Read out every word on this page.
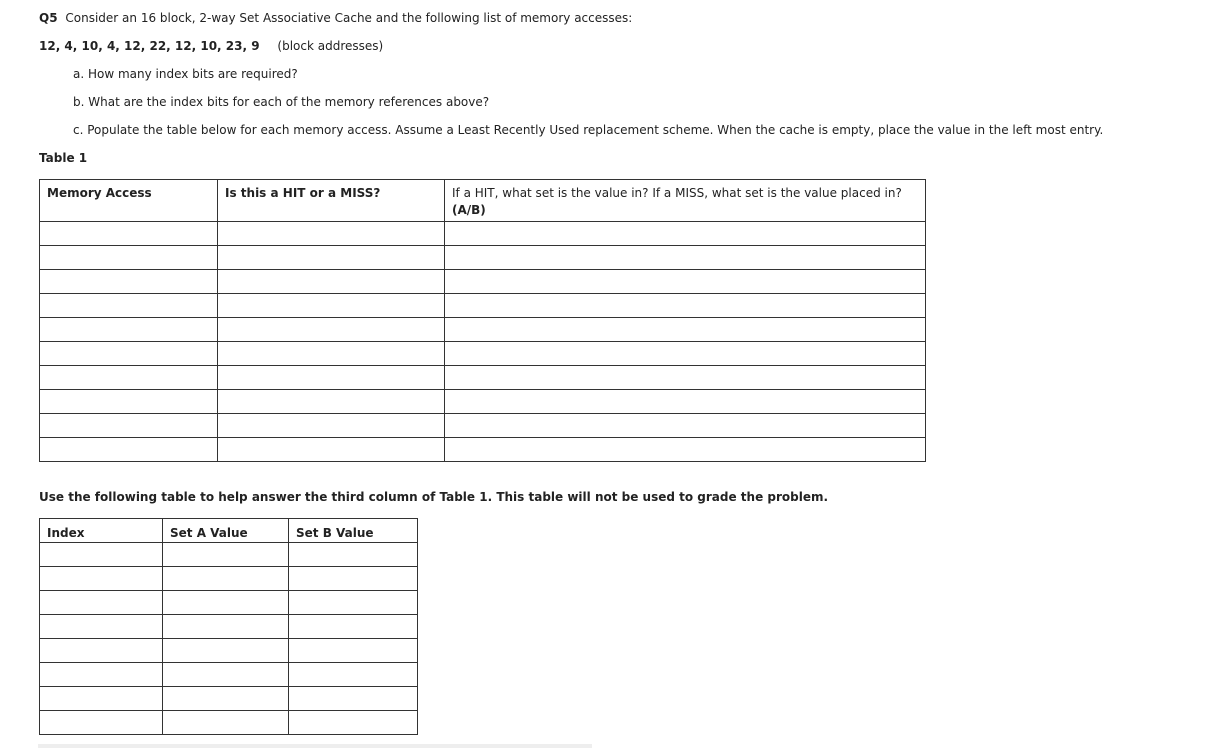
Q5 Consider an 16 block, 2-way Set Associative Cache and the following list of memory accesses:
12, 4, 10, 4, 12, 22, 12, 10, 23, 9 (block addresses)
a. How many index bits are required?
b. What are the index bits for each of the memory references above?
c. Populate the table below for each memory access. Assume a Least Recently Used replacement scheme. When the cache is empty, place the value in the left most entry.
Table 1
Memory Access	Is this a HIT or a MISS?	If a HIT, what set is the value in? If a MISS, what set is the value placed in?
(A/B)

Use the following table to help answer the third column of Table 1. This table will not be used to grade the problem.
Index	Set A Value	Set B Value
